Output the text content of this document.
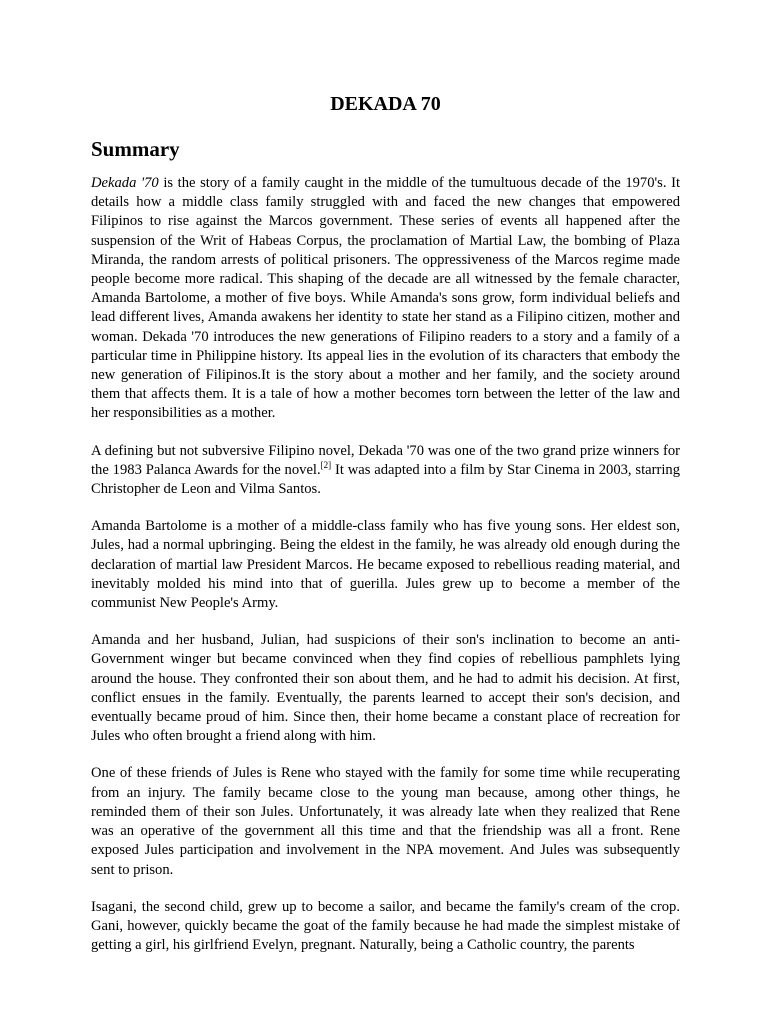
DEKADA 70
Summary

Dekada '70 is the story of a family caught in the middle of the tumultuous decade of the 1970's. It details how a middle class family struggled with and faced the new changes that empowered Filipinos to rise against the Marcos government. These series of events all happened after the suspension of the Writ of Habeas Corpus, the proclamation of Martial Law, the bombing of Plaza Miranda, the random arrests of political prisoners. The oppressiveness of the Marcos regime made people become more radical. This shaping of the decade are all witnessed by the female character, Amanda Bartolome, a mother of five boys. While Amanda's sons grow, form individual beliefs and lead different lives, Amanda awakens her identity to state her stand as a Filipino citizen, mother and woman. Dekada '70 introduces the new generations of Filipino readers to a story and a family of a particular time in Philippine history. Its appeal lies in the evolution of its characters that embody the new generation of Filipinos.It is the story about a mother and her family, and the society around them that affects them. It is a tale of how a mother becomes torn between the letter of the law and her responsibilities as a mother.

A defining but not subversive Filipino novel, Dekada '70 was one of the two grand prize winners for the 1983 Palanca Awards for the novel.[2] It was adapted into a film by Star Cinema in 2003, starring Christopher de Leon and Vilma Santos.

Amanda Bartolome is a mother of a middle-class family who has five young sons. Her eldest son, Jules, had a normal upbringing. Being the eldest in the family, he was already old enough during the declaration of martial law President Marcos. He became exposed to rebellious reading material, and inevitably molded his mind into that of guerilla. Jules grew up to become a member of the communist New People's Army.

Amanda and her husband, Julian, had suspicions of their son's inclination to become an anti-Government winger but became convinced when they find copies of rebellious pamphlets lying around the house. They confronted their son about them, and he had to admit his decision. At first, conflict ensues in the family. Eventually, the parents learned to accept their son's decision, and eventually became proud of him. Since then, their home became a constant place of recreation for Jules who often brought a friend along with him.

One of these friends of Jules is Rene who stayed with the family for some time while recuperating from an injury. The family became close to the young man because, among other things, he reminded them of their son Jules. Unfortunately, it was already late when they realized that Rene was an operative of the government all this time and that the friendship was all a front. Rene exposed Jules participation and involvement in the NPA movement. And Jules was subsequently sent to prison.

Isagani, the second child, grew up to become a sailor, and became the family's cream of the crop. Gani, however, quickly became the goat of the family because he had made the simplest mistake of getting a girl, his girlfriend Evelyn, pregnant. Naturally, being a Catholic country, the parents
